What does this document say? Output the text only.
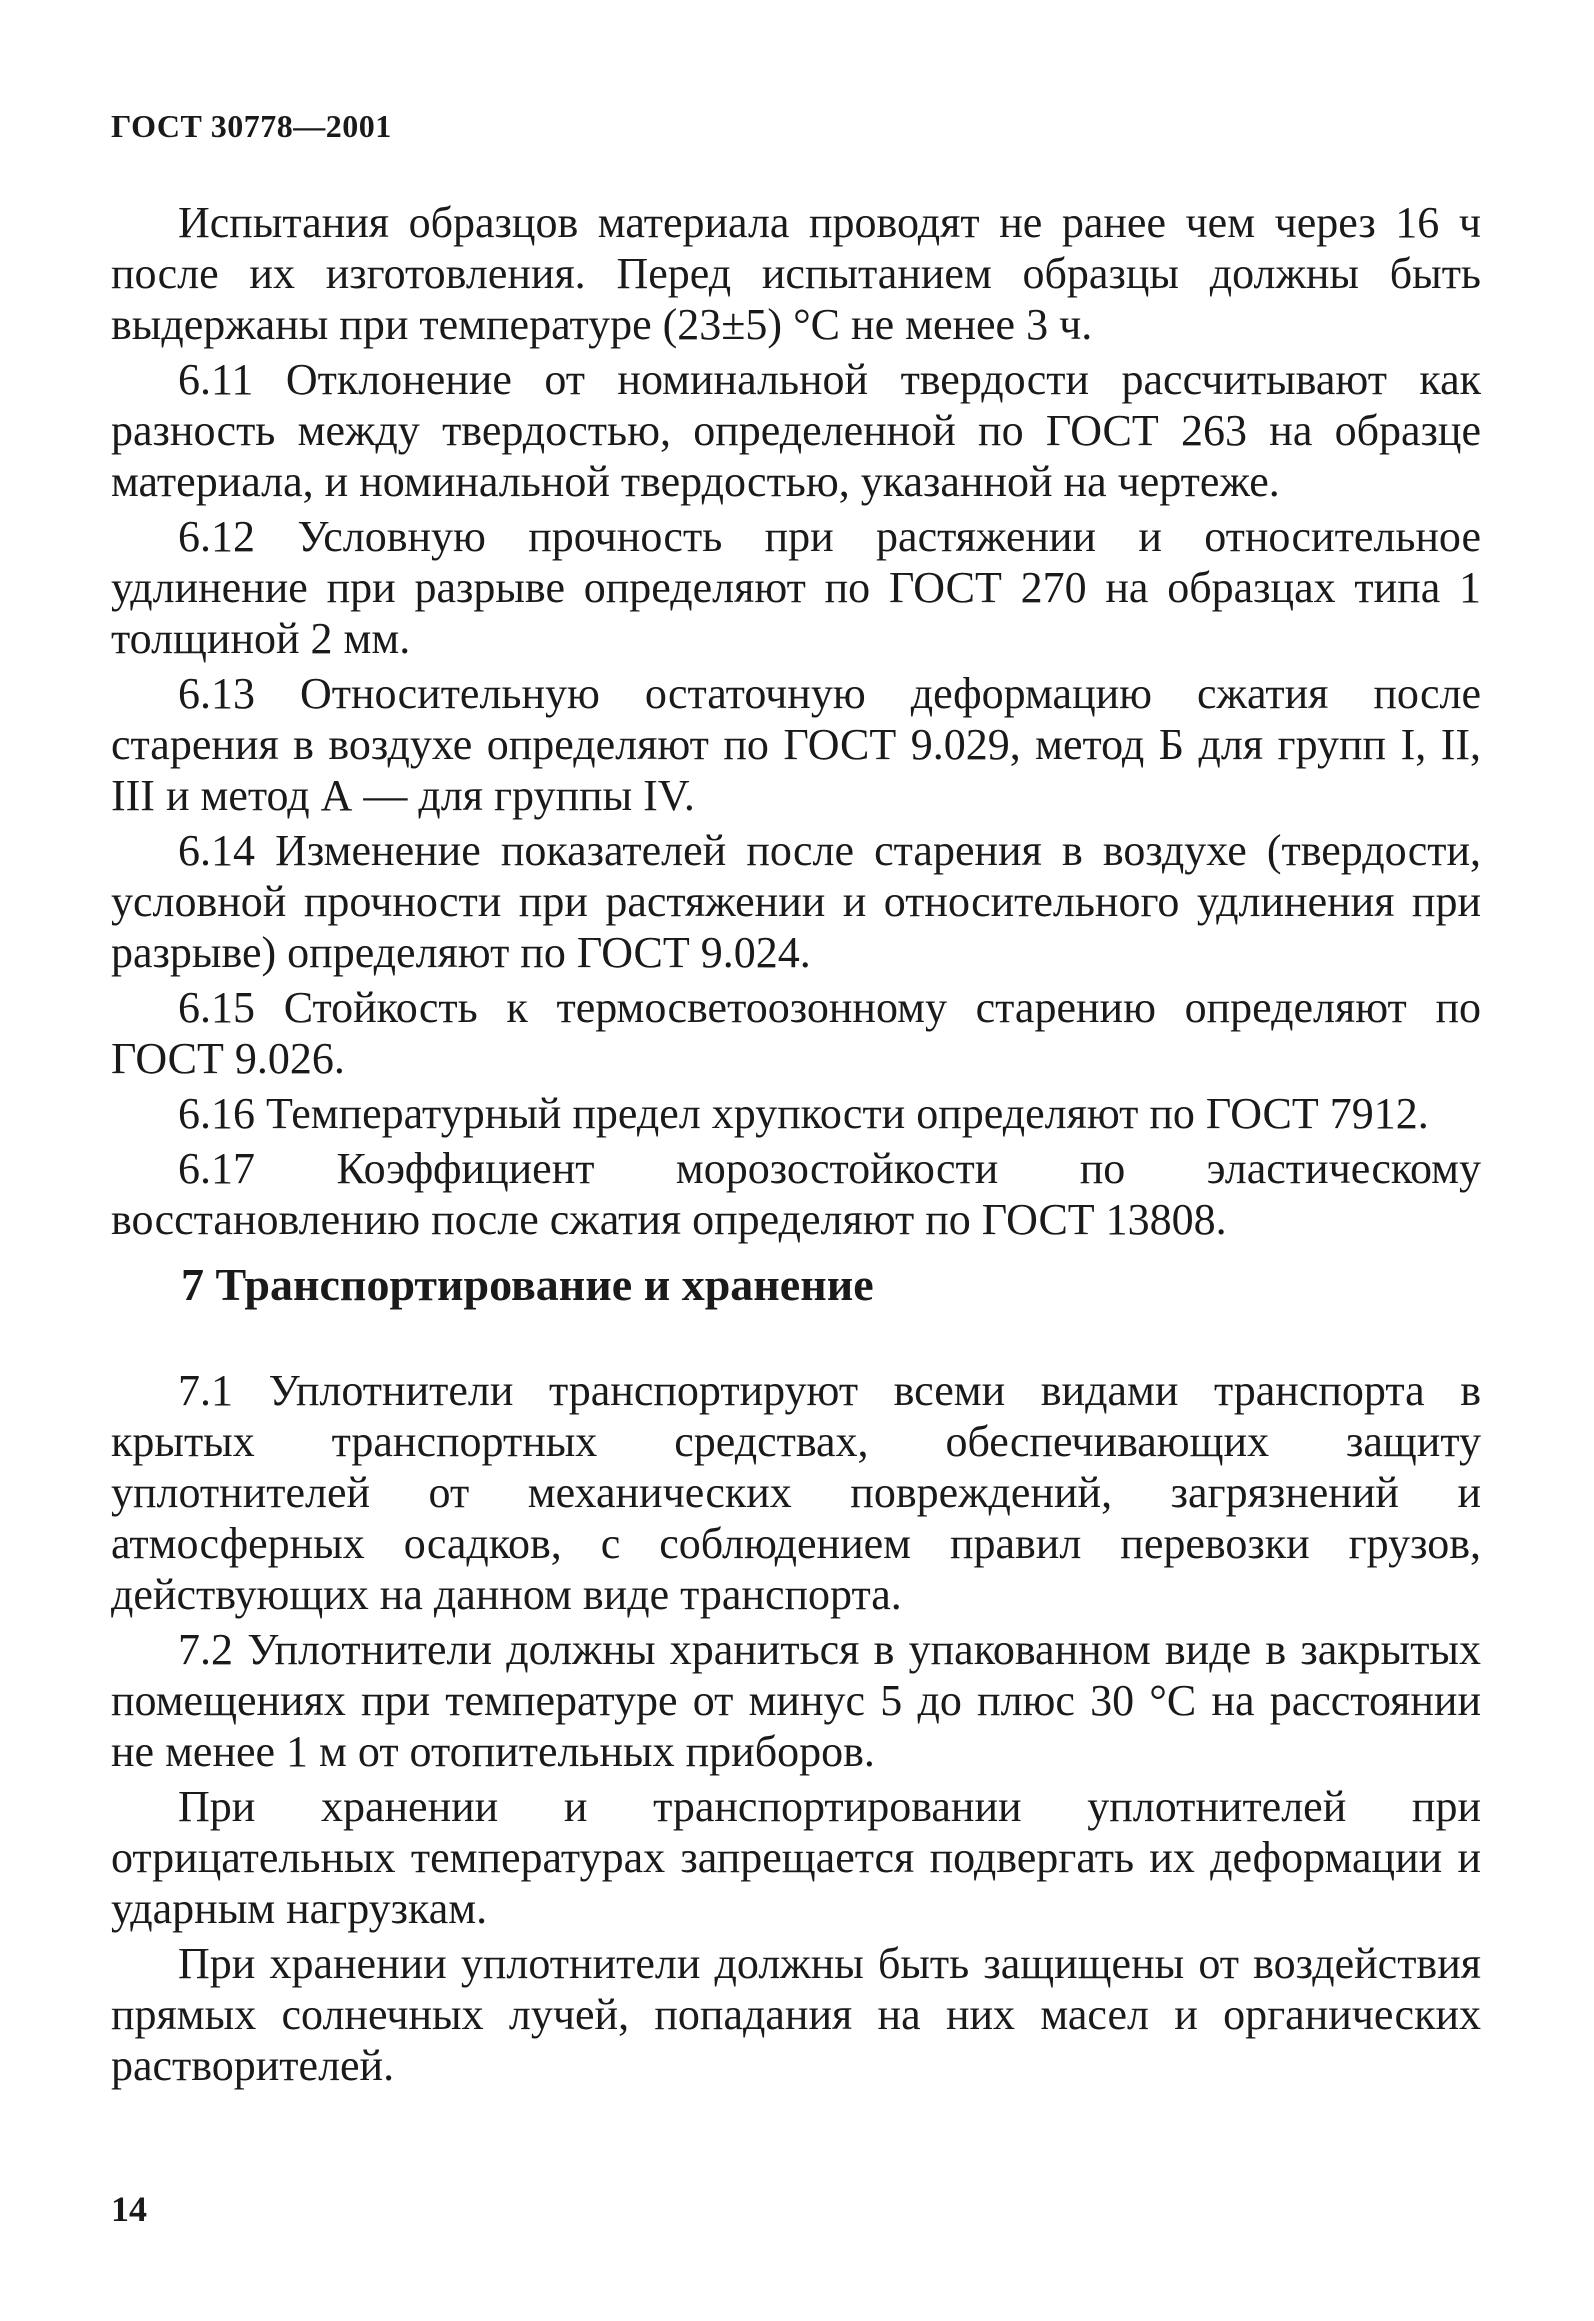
ГОСТ 30778—2001

Испытания образцов материала проводят не ранее чем через 16 ч после их изготовления. Перед испытанием образцы должны быть выдержаны при температуре (23±5) °С не менее 3 ч.

6.11 Отклонение от номинальной твердости рассчитывают как разность между твердостью, определенной по ГОСТ 263 на образце материала, и номинальной твердостью, указанной на чертеже.

6.12 Условную прочность при растяжении и относительное удлинение при разрыве определяют по ГОСТ 270 на образцах типа 1 толщиной 2 мм.

6.13 Относительную остаточную деформацию сжатия после старения в воздухе определяют по ГОСТ 9.029, метод Б для групп I, II, III и метод А — для группы IV.

6.14 Изменение показателей после старения в воздухе (твердости, условной прочности при растяжении и относительного удлинения при разрыве) определяют по ГОСТ 9.024.

6.15 Стойкость к термосветоозонному старению определяют по ГОСТ 9.026.

6.16 Температурный предел хрупкости определяют по ГОСТ 7912.

6.17 Коэффициент морозостойкости по эластическому восстановлению после сжатия определяют по ГОСТ 13808.

7 Транспортирование и хранение

7.1 Уплотнители транспортируют всеми видами транспорта в крытых транспортных средствах, обеспечивающих защиту уплотнителей от механических повреждений, загрязнений и атмосферных осадков, с соблюдением правил перевозки грузов, действующих на данном виде транспорта.

7.2 Уплотнители должны храниться в упакованном виде в закрытых помещениях при температуре от минус 5 до плюс 30 °С на расстоянии не менее 1 м от отопительных приборов.

При хранении и транспортировании уплотнителей при отрицательных температурах запрещается подвергать их деформации и ударным нагрузкам.

При хранении уплотнители должны быть защищены от воздействия прямых солнечных лучей, попадания на них масел и органических растворителей.

14
